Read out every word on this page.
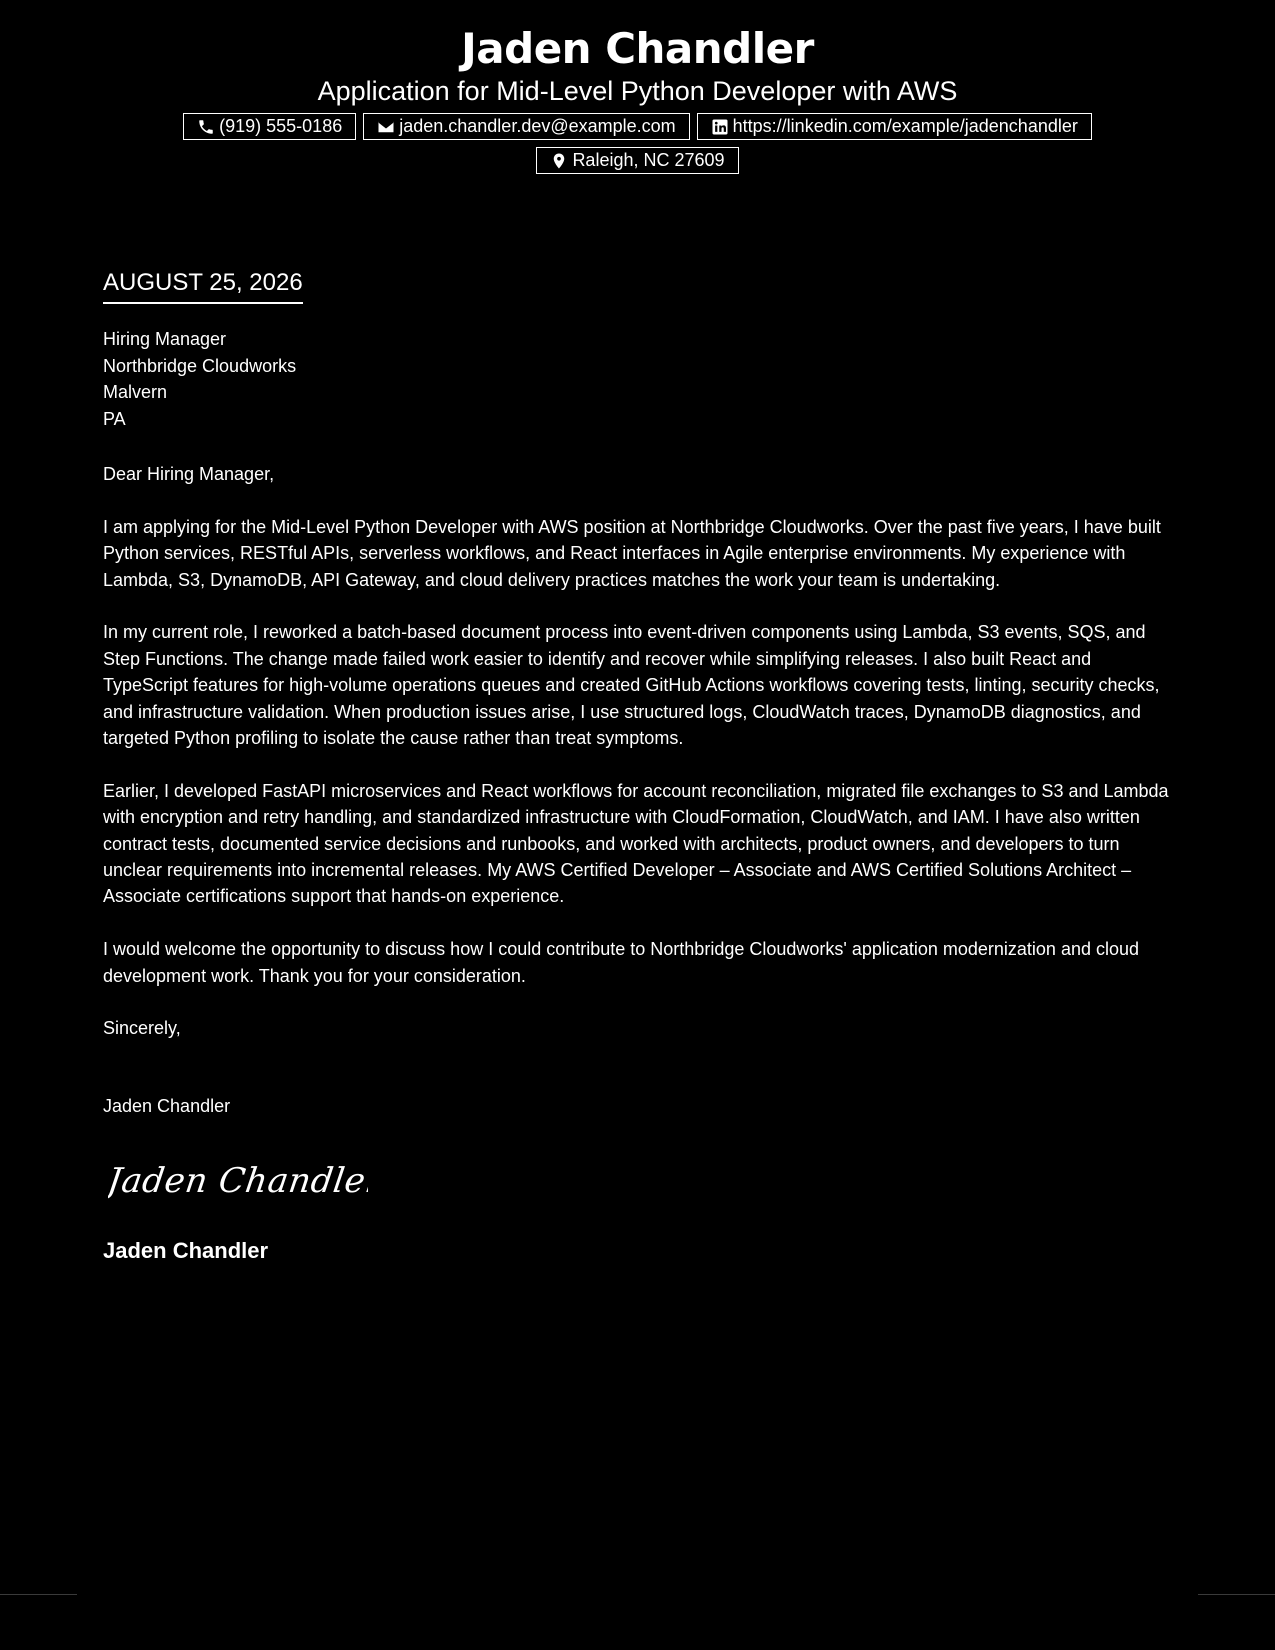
Jaden Chandler
Application for Mid-Level Python Developer with AWS
(919) 555-0186	jaden.chandler.dev@example.com	https://linkedin.com/example/jadenchandler
Raleigh, NC 27609
AUGUST 25, 2026
Hiring Manager
Northbridge Cloudworks
Malvern
PA

Dear Hiring Manager,

I am applying for the Mid-Level Python Developer with AWS position at Northbridge Cloudworks. Over the past five years, I have built Python services, RESTful APIs, serverless workflows, and React interfaces in Agile enterprise environments. My experience with Lambda, S3, DynamoDB, API Gateway, and cloud delivery practices matches the work your team is undertaking.

In my current role, I reworked a batch-based document process into event-driven components using Lambda, S3 events, SQS, and Step Functions. The change made failed work easier to identify and recover while simplifying releases. I also built React and TypeScript features for high-volume operations queues and created GitHub Actions workflows covering tests, linting, security checks, and infrastructure validation. When production issues arise, I use structured logs, CloudWatch traces, DynamoDB diagnostics, and targeted Python profiling to isolate the cause rather than treat symptoms.

Earlier, I developed FastAPI microservices and React workflows for account reconciliation, migrated file exchanges to S3 and Lambda with encryption and retry handling, and standardized infrastructure with CloudFormation, CloudWatch, and IAM. I have also written contract tests, documented service decisions and runbooks, and worked with architects, product owners, and developers to turn unclear requirements into incremental releases. My AWS Certified Developer – Associate and AWS Certified Solutions Architect – Associate certifications support that hands-on experience.

I would welcome the opportunity to discuss how I could contribute to Northbridge Cloudworks' application modernization and cloud development work. Thank you for your consideration.

Sincerely,
Jaden Chandler
Jaden Chandler
Jaden Chandler
